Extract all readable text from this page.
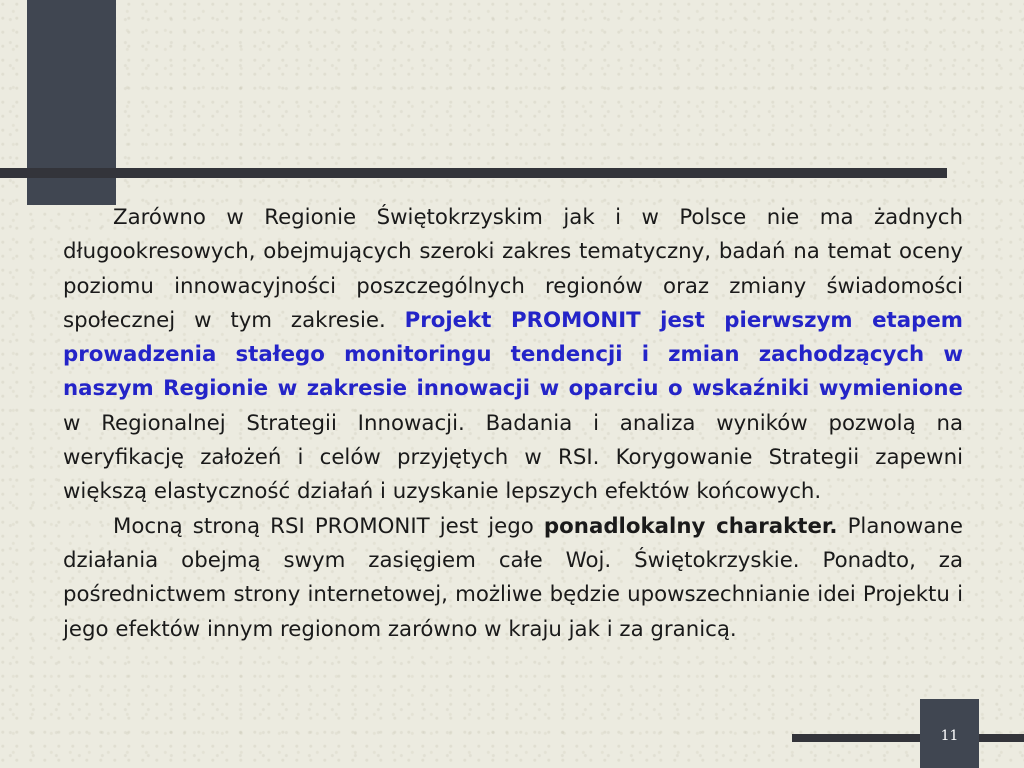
Zarówno w Regionie Świętokrzyskim jak i w Polsce nie ma żadnych długookresowych, obejmujących szeroki zakres tematyczny, badań na temat oceny poziomu innowacyjności poszczególnych regionów oraz zmiany świadomości społecznej w tym zakresie. Projekt PROMONIT jest pierwszym etapem prowadzenia stałego monitoringu tendencji i zmian zachodzących w naszym Regionie w zakresie innowacji w oparciu o wskaźniki wymienione w Regionalnej Strategii Innowacji. Badania i analiza wyników pozwolą na weryfikację założeń i celów przyjętych w RSI. Korygowanie Strategii zapewni większą elastyczność działań i uzyskanie lepszych efektów końcowych.

Mocną stroną RSI PROMONIT jest jego ponadlokalny charakter. Planowane działania obejmą swym zasięgiem całe Woj. Świętokrzyskie. Ponadto, za pośrednictwem strony internetowej, możliwe będzie upowszechnianie idei Projektu i jego efektów innym regionom zarówno w kraju jak i za granicą.

11
